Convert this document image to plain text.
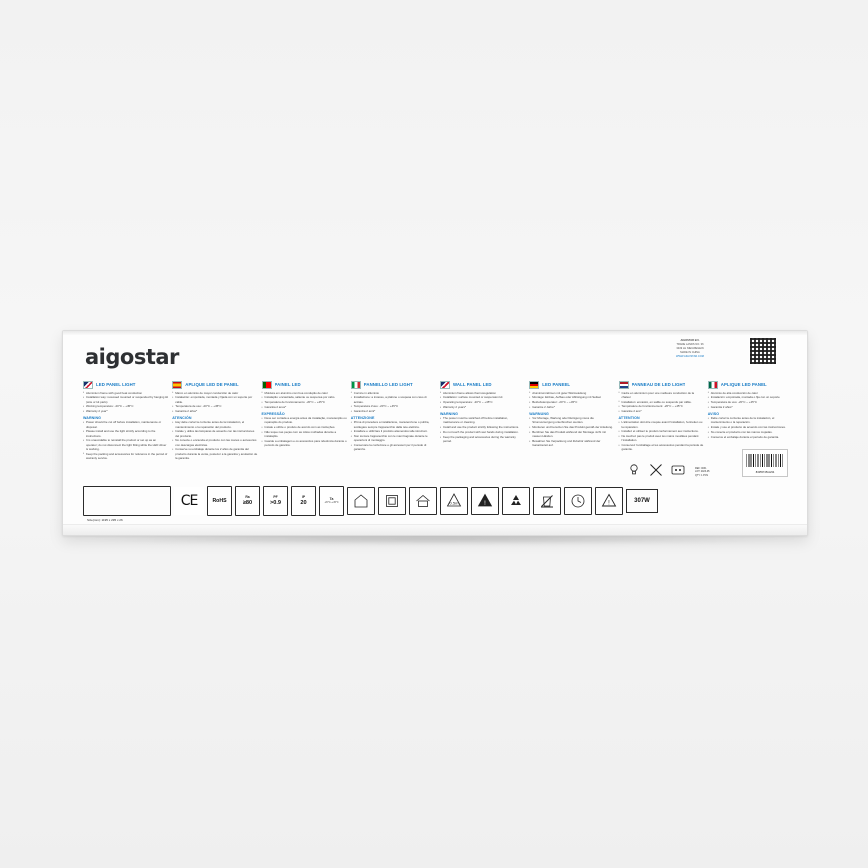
aigostar
AIGOSTAR B.V.
TRADE LANDS NO. 36
3439 LH NIEUWEGEIN
MADE IN CHINA
WWW.AIGOSTAR.COM
LED PANEL LIGHT
• Aluminium frame with good heat conduction
• Installation way: recessed mounted or suspended by hanging kit (wire or kit parts)
• Working temperature: -20°C ~ +45°C
• Warranty 2 year*
WARNING
• Power should be cut off before installation, maintenance or disposal.
• Please install and use the light strictly according to the instructions.
• It is unavoidable to reinstall the product or set up as an operator; do not disconnect the light fitting while the LED driver is working.
• Keep the packing and accessories for reference in the period of warranty service.
APLIQUE LED DE PANEL
• Marco en aluminio de mayor conducción de calor
• Instalación: empotrada, montada y fijada con un soporte por cable.
• Temperatura de uso: -20°C ~ +45°C
• Garantía 2 años*
ATENCIÓN
• Hay debe cortar la corriente antes de la instalación, el mantenimiento o la reparación del producto.
• Instale y utilice las lámparas de acuerdo con las instrucciones del producto.
• No conecte o encienda el producto con las manos o accesorios con descargas eléctricas.
• Conserve su embalaje durante los 2 años de garantía del producto durante la venta, posterior a la garantía y anulación de la garantía.
PAINEL LED
• Moldura em alumínio com boa condução de calor
• Instalação: encastrada, saliente ou suspensa por cabo.
• Temperatura de funcionamento: -20°C ~ +45°C
• Garantia 2 anos*
EXPRESSÃO
• Deve ser cortada a energia antes da instalação, manutenção ou reparação do produto.
• Instale e utilize o produto de acordo com as instruções.
• Não toque nas peças com as mãos molhadas durante a instalação.
• Guarde a embalagem e os acessórios para referência durante o período de garantia.
PANNELLO LED LIGHT
• Cornice in alluminio
• Installazione: a incasso, a plafone o sospesa con cavo di acciaio.
• Temperatura d'uso: -20°C ~ +45°C
• Garanzia 2 anni*
ATTENZIONE
• Prima di procedere a installazione, manutenzione o pulizia, scollegare sempre l'apparecchio dalla rete elettrica.
• Installare e utilizzare il prodotto attenendosi alle istruzioni.
• Non toccare l'apparecchio con le mani bagnate durante le operazioni di montaggio.
• Conservare la confezione e gli accessori per il periodo di garanzia.
WALL PANEL LED
• Aluminium frame allows thermoregulation
• Installation: surface mounted or suspension kit
• Operating temperature: -20°C ~ +45°C
• Warranty 2 years*
WARNING
• The power must be switched off before installation, maintenance or cleaning.
• Install and use the product strictly following the instructions.
• Do not touch the product with wet hands during installation.
• Keep the packaging and accessories during the warranty period.
LED PANEEL
• Aluminiumrahmen mit guter Wärmeleitung
• Montage: Einbau, Aufbau oder Abhängung mit Seilset
• Betriebstemperatur: -20°C ~ +45°C
• Garantie 2 Jahre*
WARNUNG
• Vor Montage, Wartung oder Reinigung muss die Stromversorgung unterbrochen werden.
• Montieren und benutzen Sie das Produkt gemäß der Anleitung.
• Berühren Sie das Produkt während der Montage nicht mit nassen Händen.
• Bewahren Sie Verpackung und Zubehör während der Garantiezeit auf.
PANNEAU DE LED LIGHT
• Cadre en aluminium pour une meilleure conduction de la chaleur
• Installation: encastré, en saillie ou suspendu par câble.
• Température de fonctionnement: -20°C ~ +45°C
• Garantie 2 ans*
ATTENTION
• L'alimentation doit être coupée avant l'installation, l'entretien ou la réparation.
• Installez et utilisez le produit conformément aux instructions.
• Ne touchez pas le produit avec les mains mouillées pendant l'installation.
• Conservez l'emballage et les accessoires pendant la période de garantie.
APLIQUE LED PANEL
• Aluminio de alta conducción de calor
• Instalación: empotrada, montada o fija con un soporte
• Temperatura de uso: -20°C ~ +45°C
• Garantía 2 años*
AVISO
• Debe cortar la corriente antes de la instalación, el mantenimiento o la reparación.
• Instale y use el producto de acuerdo con las instrucciones.
• No conecte el producto con las manos mojadas.
• Conserve el embalaje durante el periodo de garantía.
REF: 0031
LOT: 2023-05
QTY: 1 PCS
8435574511234
Size(mm): 1195 x 295 x 26
CE	RoHS
Ra
≥80
PF
>0.9
IP
20
Ta
-20°C~+45°C	0.5m	!	!	307W
